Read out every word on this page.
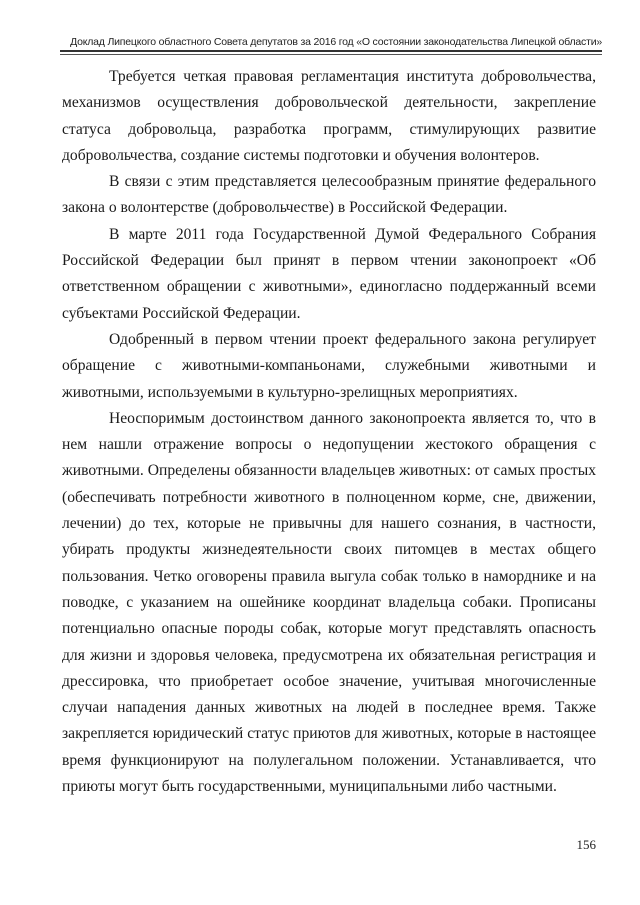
Доклад Липецкого областного Совета депутатов за 2016 год «О состоянии законодательства Липецкой области»

Требуется четкая правовая регламентация института добровольчества, механизмов осуществления добровольческой деятельности, закрепление статуса добровольца, разработка программ, стимулирующих развитие добровольчества, создание системы подготовки и обучения волонтеров.

В связи с этим представляется целесообразным принятие федерального закона о волонтерстве (добровольчестве) в Российской Федерации.

В марте 2011 года Государственной Думой Федерального Собрания Российской Федерации был принят в первом чтении законопроект «Об ответственном обращении с животными», единогласно поддержанный всеми субъектами Российской Федерации.

Одобренный в первом чтении проект федерального закона регулирует обращение с животными-компаньонами, служебными животными и животными, используемыми в культурно-зрелищных мероприятиях.

Неоспоримым достоинством данного законопроекта является то, что в нем нашли отражение вопросы о недопущении жестокого обращения с животными. Определены обязанности владельцев животных: от самых простых (обеспечивать потребности животного в полноценном корме, сне, движении, лечении) до тех, которые не привычны для нашего сознания, в частности, убирать продукты жизнедеятельности своих питомцев в местах общего пользования. Четко оговорены правила выгула собак только в наморднике и на поводке, с указанием на ошейнике координат владельца собаки. Прописаны потенциально опасные породы собак, которые могут представлять опасность для жизни и здоровья человека, предусмотрена их обязательная регистрация и дрессировка, что приобретает особое значение, учитывая многочисленные случаи нападения данных животных на людей в последнее время. Также закрепляется юридический статус приютов для животных, которые в настоящее время функционируют на полулегальном положении. Устанавливается, что приюты могут быть государственными, муниципальными либо частными.

156
